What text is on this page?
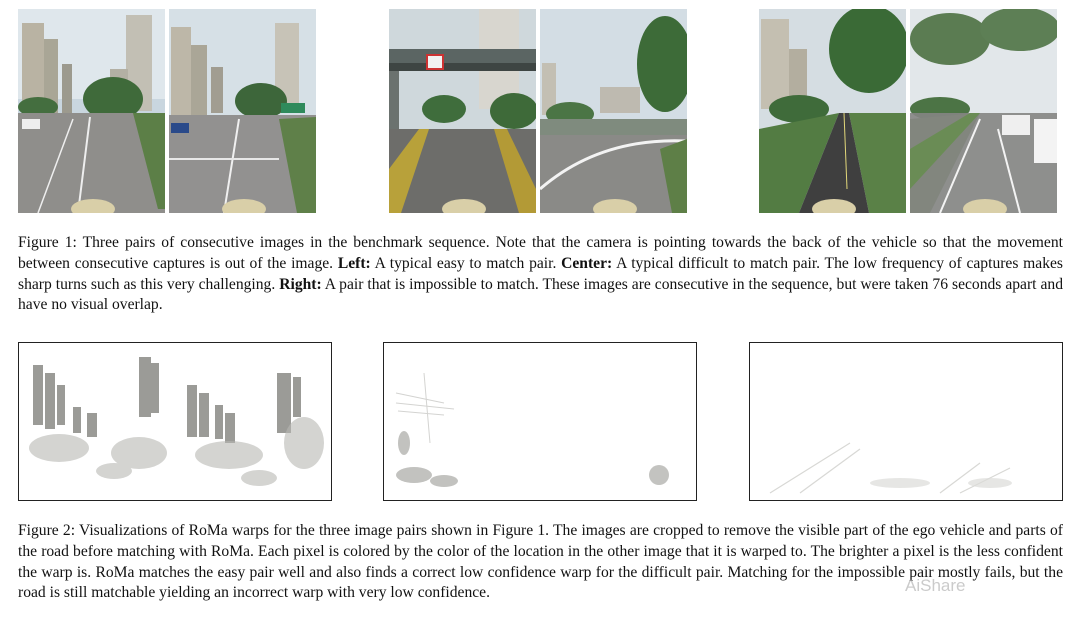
Figure 1: Three pairs of consecutive images in the benchmark sequence. Note that the camera is pointing towards the back of the vehicle so that the movement between consecutive captures is out of the image. Left: A typical easy to match pair. Center: A typical difficult to match pair. The low frequency of captures makes sharp turns such as this very challenging. Right: A pair that is impossible to match. These images are consecutive in the sequence, but were taken 76 seconds apart and have no visual overlap.

Figure 2: Visualizations of RoMa warps for the three image pairs shown in Figure 1. The images are cropped to remove the visible part of the ego vehicle and parts of the road before matching with RoMa. Each pixel is colored by the color of the location in the other image that it is warped to. The brighter a pixel is the less confident the warp is. RoMa matches the easy pair well and also finds a correct low confidence warp for the difficult pair. Matching for the impossible pair mostly fails, but the road is still matchable yielding an incorrect warp with very low confidence.	AiShare
